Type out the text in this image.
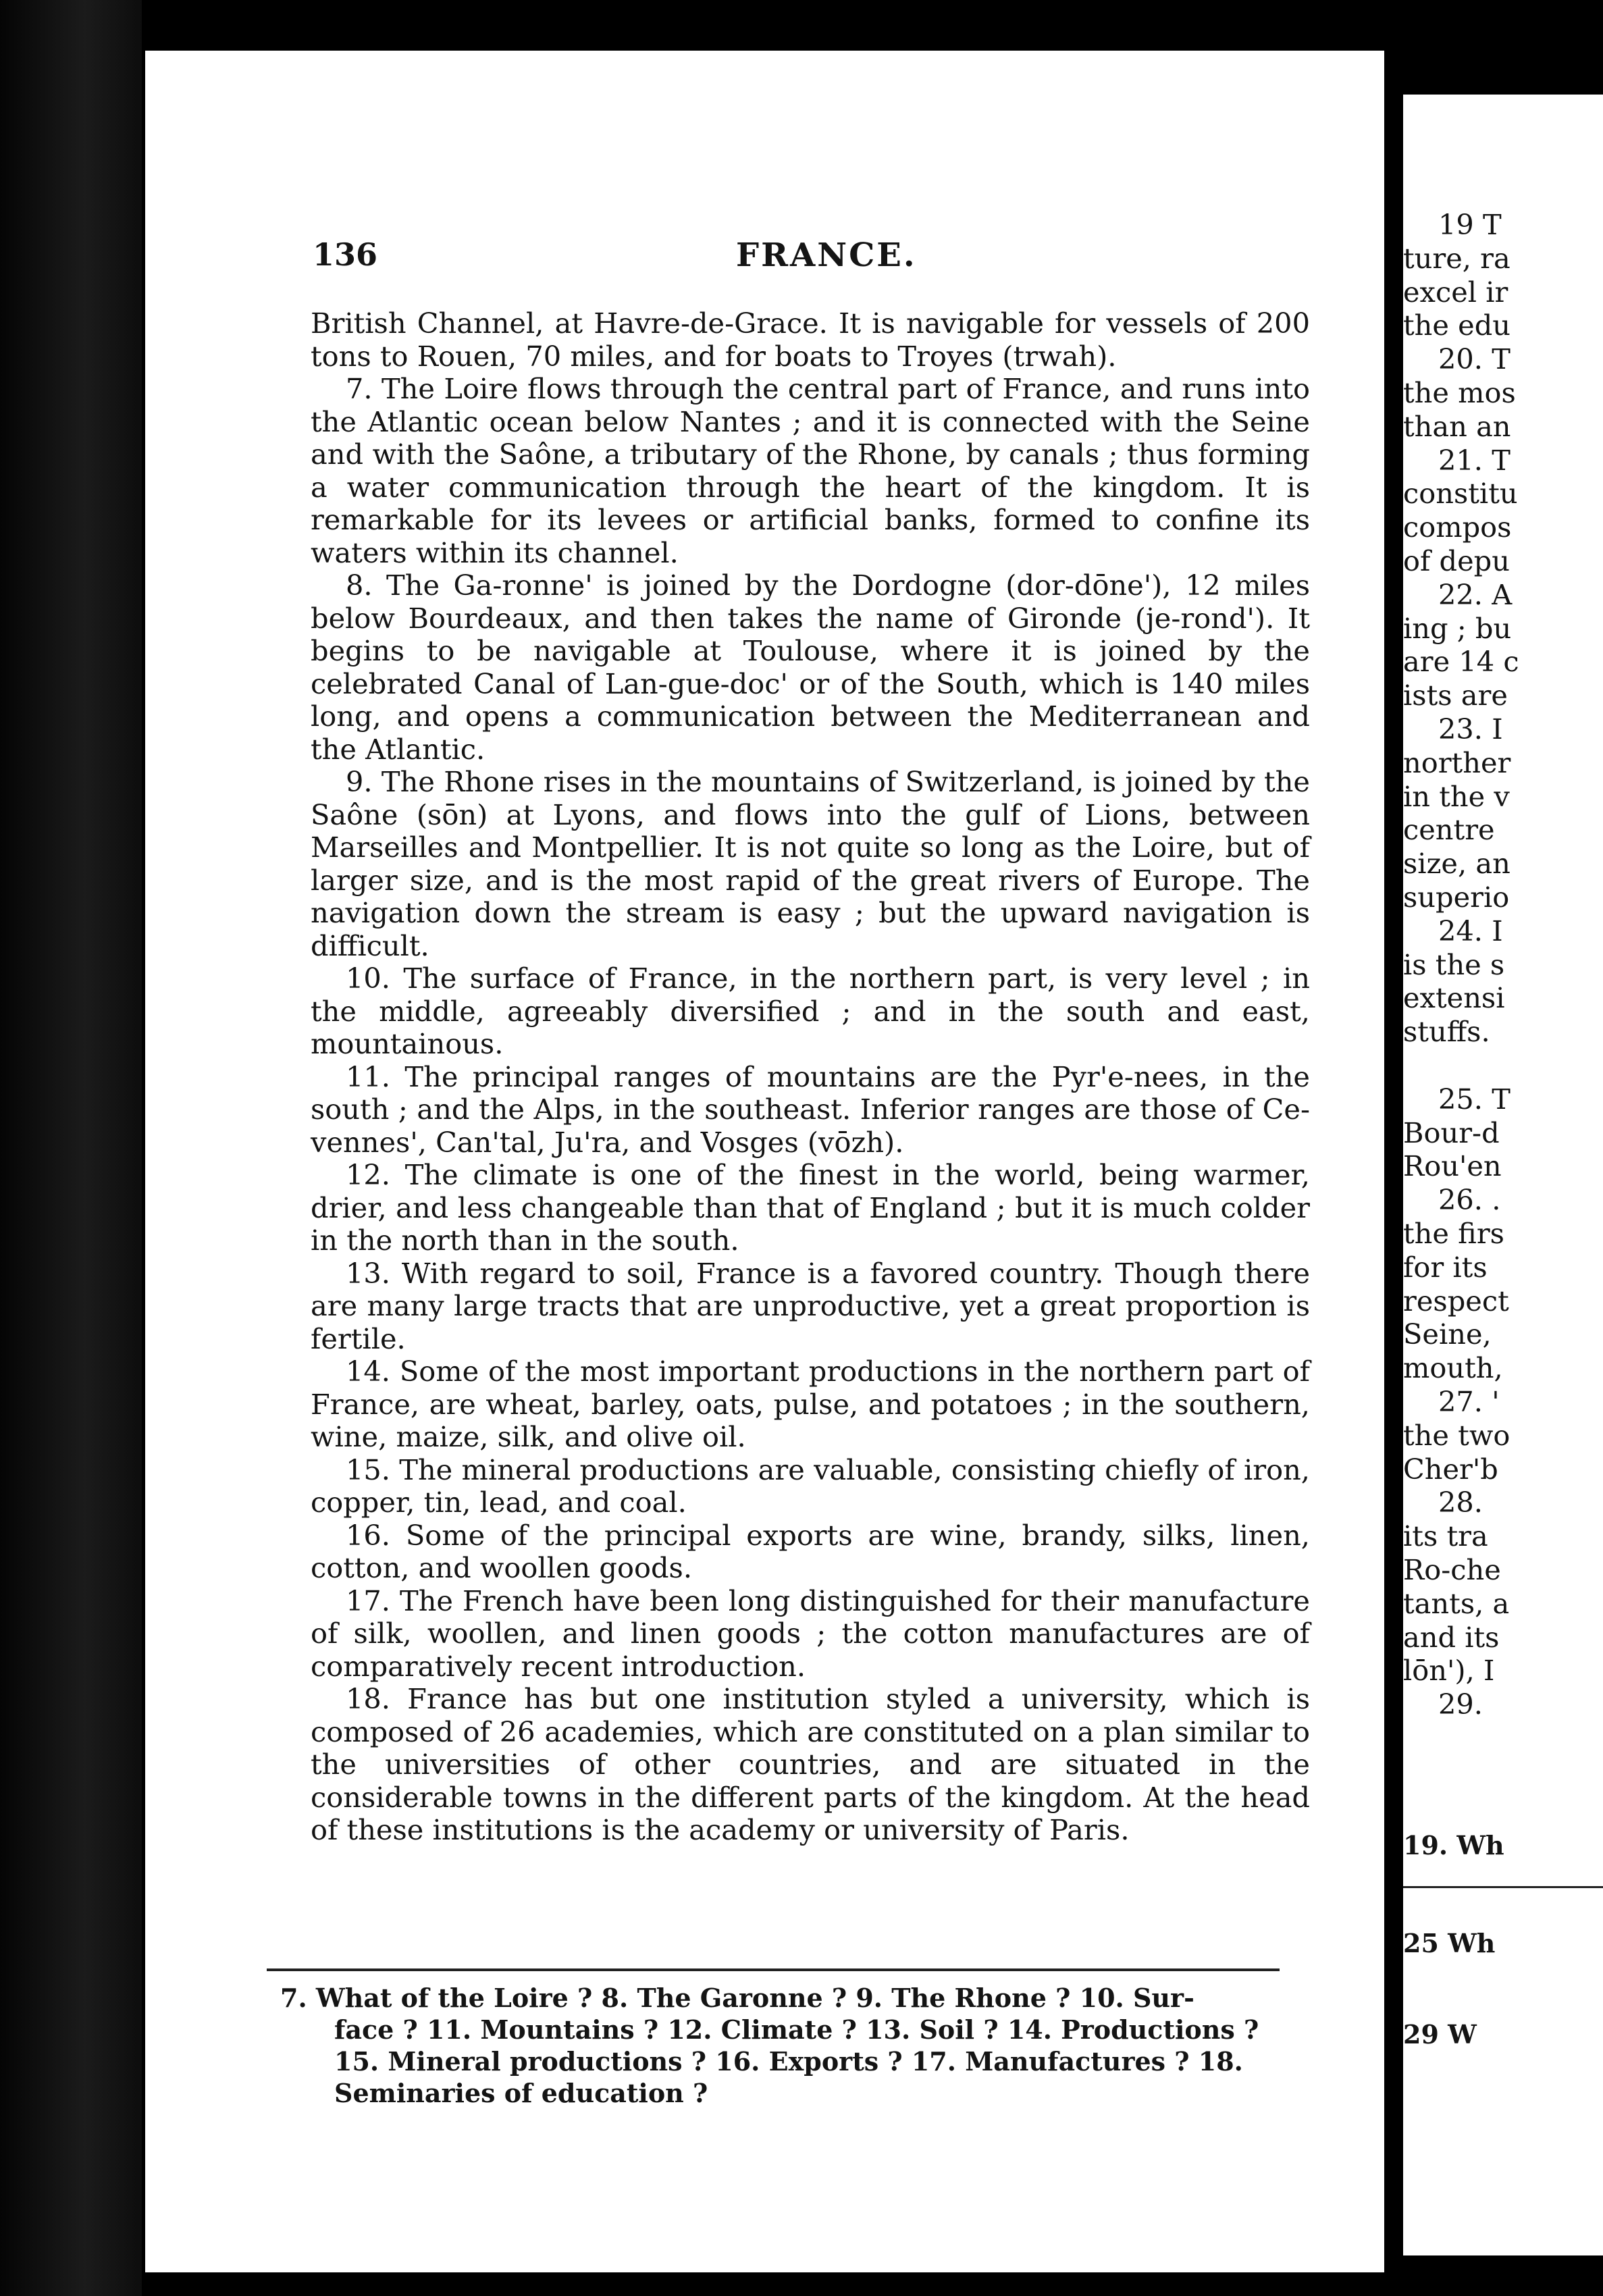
136	FRANCE.

British Channel, at Havre-de-Grace. It is navigable for vessels of 200 tons to Rouen, 70 miles, and for boats to Troyes (trwah).

7. The Loire flows through the central part of France, and runs into the Atlantic ocean below Nantes ; and it is connected with the Seine and with the Saône, a tributary of the Rhone, by canals ; thus forming a water communication through the heart of the kingdom. It is remarkable for its levees or artificial banks, formed to confine its waters within its channel.

8. The Ga-ronne' is joined by the Dordogne (dor-dōne'), 12 miles below Bourdeaux, and then takes the name of Gironde (je-rond'). It begins to be navigable at Toulouse, where it is joined by the celebrated Canal of Lan-gue-doc' or of the South, which is 140 miles long, and opens a communication between the Mediterranean and the Atlantic.

9. The Rhone rises in the mountains of Switzerland, is joined by the Saône (sōn) at Lyons, and flows into the gulf of Lions, between Marseilles and Montpellier. It is not quite so long as the Loire, but of larger size, and is the most rapid of the great rivers of Europe. The navigation down the stream is easy ; but the upward navigation is difficult.

10. The surface of France, in the northern part, is very level ; in the middle, agreeably diversified ; and in the south and east, mountainous.

11. The principal ranges of mountains are the Pyr'e-nees, in the south ; and the Alps, in the southeast. Inferior ranges are those of Ce-vennes', Can'tal, Ju'ra, and Vosges (vōzh).

12. The climate is one of the finest in the world, being warmer, drier, and less changeable than that of England ; but it is much colder in the north than in the south.

13. With regard to soil, France is a favored country. Though there are many large tracts that are unproductive, yet a great proportion is fertile.

14. Some of the most important productions in the northern part of France, are wheat, barley, oats, pulse, and potatoes ; in the southern, wine, maize, silk, and olive oil.

15. The mineral productions are valuable, consisting chiefly of iron, copper, tin, lead, and coal.

16. Some of the principal exports are wine, brandy, silks, linen, cotton, and woollen goods.

17. The French have been long distinguished for their manufacture of silk, woollen, and linen goods ; the cotton manufactures are of comparatively recent introduction.

18. France has but one institution styled a university, which is composed of 26 academies, which are constituted on a plan similar to the universities of other countries, and are situated in the considerable towns in the different parts of the kingdom. At the head of these institutions is the academy or university of Paris.

7. What of the Loire ? 8. The Garonne ? 9. The Rhone ? 10. Sur-
face ? 11. Mountains ? 12. Climate ? 13. Soil ? 14. Productions ?
15. Mineral productions ? 16. Exports ? 17. Manufactures ? 18.
Seminaries of education ?
19 T
ture, ra
excel ir
the edu
20. T
the mos
than an
21. T
constitu
compos
of depu
22. A
ing ; bu
are 14 c
ists are
23. I
norther
in the v
centre
size, an
superio
24. I
is the s
extensi
stuffs.
25. T
Bour-d
Rou'en
26. .
the firs
for its
respect
Seine,
mouth,
27. '
the two
Cher'b
28.
its tra
Ro-che
tants, a
and its
lōn'), I
29.
19. Wh
25 Wh
29 W
